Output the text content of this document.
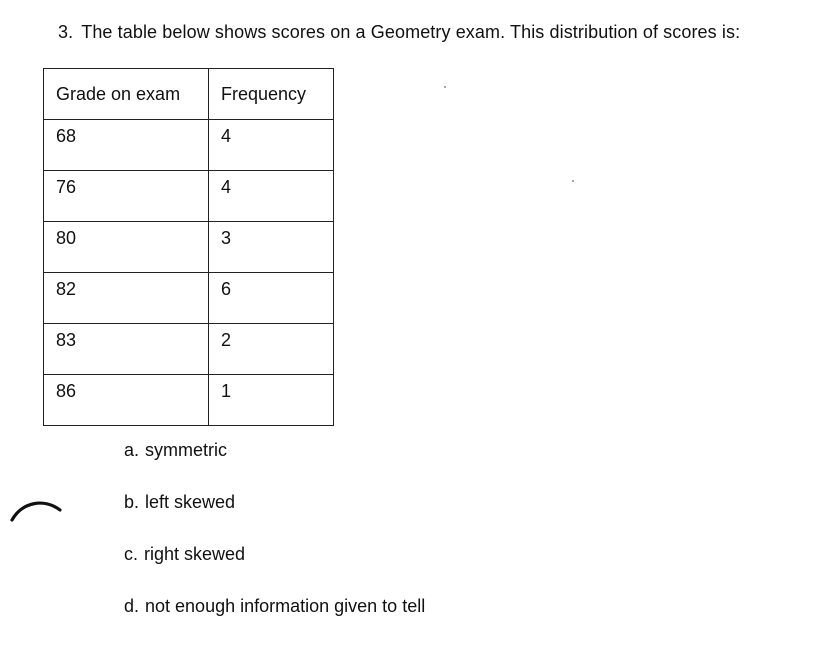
3. The table below shows scores on a Geometry exam. This distribution of scores is:
Grade on exam	Frequency
68	4
76	4
80	3
82	6
83	2
86	1
a. symmetric
b. left skewed
c. right skewed
d. not enough information given to tell
